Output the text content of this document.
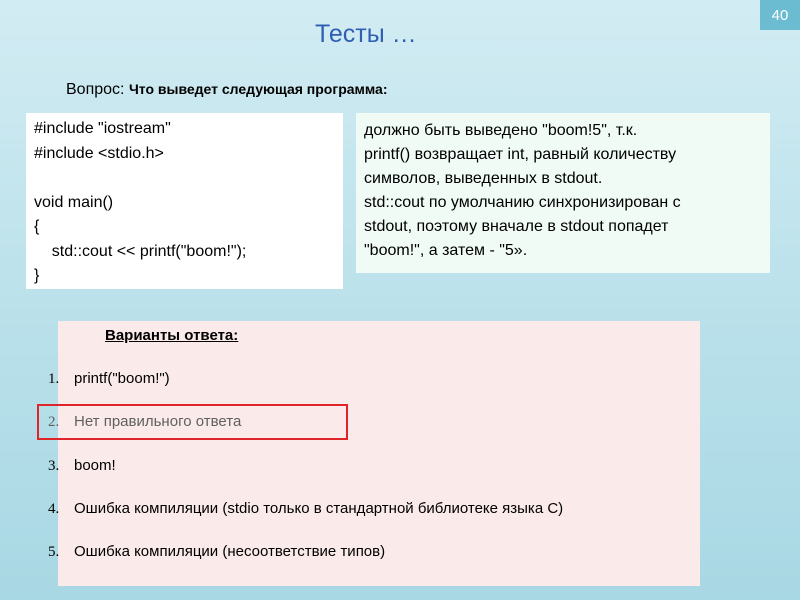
40
Тесты …
Вопрос: Что выведет следующая программа:
#include "iostream"
#include <stdio.h>
void main()
{
std::cout << printf("boom!");
}
должно быть выведено "boom!5", т.к.
printf() возвращает int, равный количеству
символов, выведенных в stdout.
std::cout по умолчанию синхронизирован с
stdout, поэтому вначале в stdout попадет
"boom!", а затем - "5».
Варианты ответа:
1. printf("boom!")
2. Нет правильного ответа
3. boom!
4. Ошибка компиляции (stdio только в стандартной библиотеке языка С)
5. Ошибка компиляции (несоответствие типов)
